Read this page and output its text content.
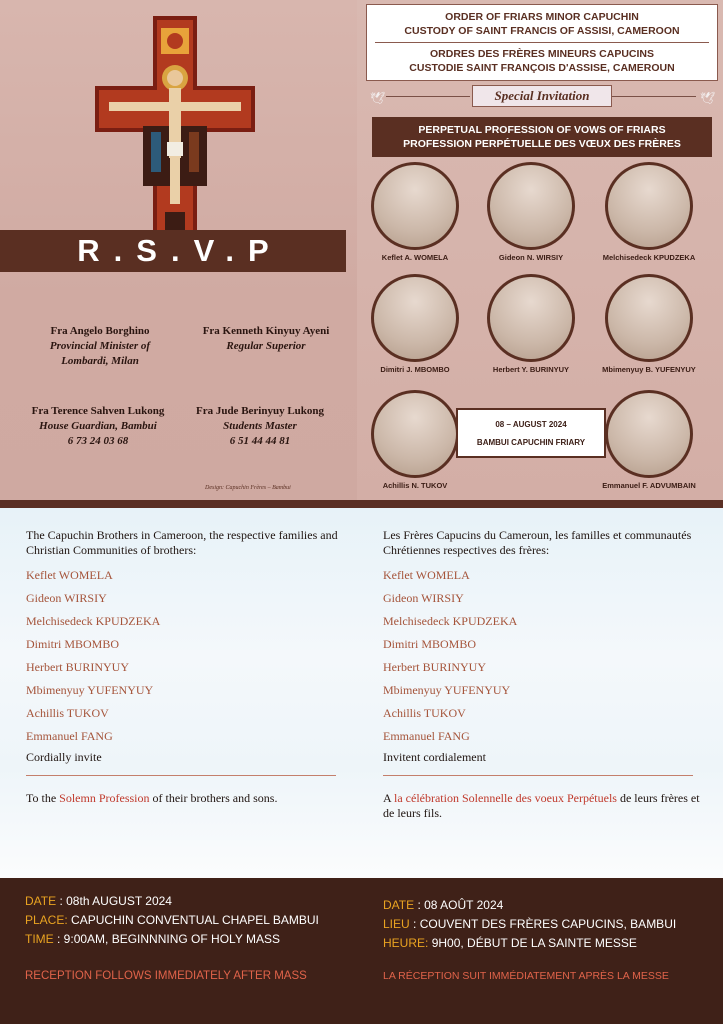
R.S.V.P
Fra Angelo Borghino
Provincial Minister of
Lombardi, Milan
Fra Kenneth Kinyuy Ayeni
Regular Superior
Fra Terence Sahven Lukong
House Guardian, Bambui
6 73 24 03 68
Fra Jude Berinyuy Lukong
Students Master
6 51 44 44 81
Design: Capuchin Frères – Bambui
ORDER OF FRIARS MINOR CAPUCHIN
CUSTODY OF SAINT FRANCIS OF ASSISI, CAMEROON
ORDRES DES FRÈRES MINEURS CAPUCINS
CUSTODIE SAINT FRANÇOIS D'ASSISE, CAMEROUN
🕊	Special Invitation	🕊
PERPETUAL PROFESSION OF VOWS OF FRIARS
PROFESSION PERPÉTUELLE DES VŒUX DES FRÈRES
Keflet A. WOMELA	Gideon N. WIRSIY	Melchisedeck KPUDZEKA
Dimitri J. MBOMBO	Herbert Y. BURINYUY	Mbimenyuy B. YUFENYUY
Achillis N. TUKOV	Emmanuel F. ADVUMBAIN
08 – AUGUST 2024
BAMBUI CAPUCHIN FRIARY
The Capuchin Brothers in Cameroon, the respective families and Christian Communities of brothers:
Keflet WOMELA
Gideon WIRSIY
Melchisedeck KPUDZEKA
Dimitri MBOMBO
Herbert BURINYUY
Mbimenyuy YUFENYUY
Achillis TUKOV
Emmanuel FANG
Cordially invite
To the Solemn Profession of their brothers and sons.
Les Frères Capucins du Cameroun, les familles et communautés Chrétiennes respectives des frères:
Keflet WOMELA
Gideon WIRSIY
Melchisedeck KPUDZEKA
Dimitri MBOMBO
Herbert BURINYUY
Mbimenyuy YUFENYUY
Achillis TUKOV
Emmanuel FANG
Invitent cordialement
A la célébration Solennelle des voeux Perpétuels de leurs frères et de leurs fils.
DATE : 08th AUGUST 2024
PLACE: CAPUCHIN CONVENTUAL CHAPEL BAMBUI
TIME : 9:00AM, BEGINNNING OF HOLY MASS
RECEPTION FOLLOWS IMMEDIATELY AFTER MASS
DATE : 08 AOÛT 2024
LIEU : COUVENT DES FRÈRES CAPUCINS, BAMBUI
HEURE: 9H00, DÉBUT DE LA SAINTE MESSE
LA RÉCEPTION SUIT IMMÉDIATEMENT APRÈS LA MESSE
